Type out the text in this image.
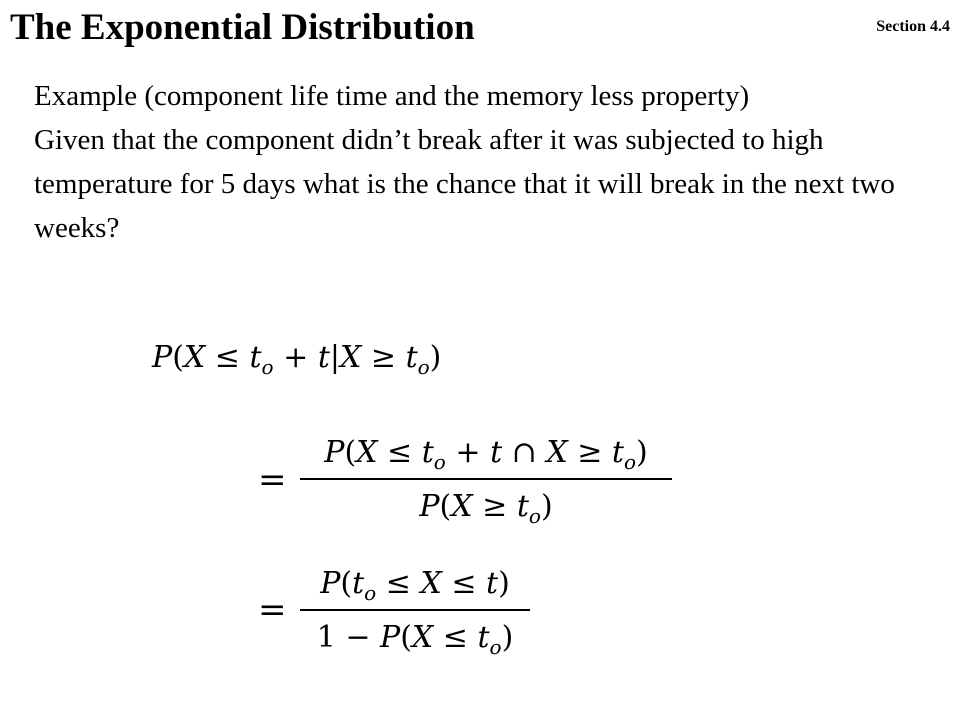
The Exponential Distribution	Section 4.4

Example (component life time and the memory less property)

Given that the component didn’t break after it was subjected to high temperature for 5 days what is the chance that it will break in the next two weeks?

$P(X \le t_o + t|X \ge t_o)$
=
$P(X \le t_o + t$ ∩ $X \ge t_o$)
$P(X \ge t_o)$
=
$P(t_o \le X \le t)$
$1 - P(X \le t_o)$
